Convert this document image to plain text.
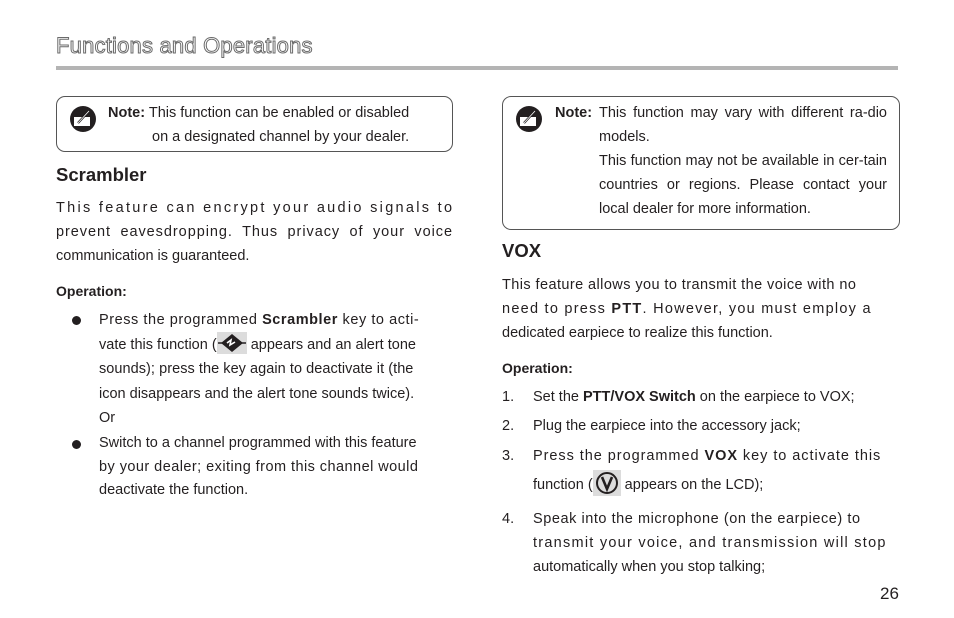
Functions and Operations
Note: This function can be enabled or disabled
on a designated channel by your dealer.
Scrambler
This feature can encrypt your audio signals to
prevent eavesdropping. Thus privacy of your voice
communication is guaranteed.
Operation:
Press the programmed Scrambler key to acti-
vate this function ( appears and an alert tone
sounds); press the key again to deactivate it (the
icon disappears and the alert tone sounds twice).
Or
Switch to a channel programmed with this feature
by your dealer; exiting from this channel would
deactivate the function.
Note: This function may vary with different ra-dio models.

This function may not be available in cer-tain countries or regions. Please contact your local dealer for more information.

VOX
This feature allows you to transmit the voice with no
need to press PTT. However, you must employ a
dedicated earpiece to realize this function.
Operation:
1. Set the PTT/VOX Switch on the earpiece to VOX;
2. Plug the earpiece into the accessory jack;
3. Press the programmed VOX key to activate this
function ( appears on the LCD);
4. Speak into the microphone (on the earpiece) to
transmit your voice, and transmission will stop
automatically when you stop talking;
26
